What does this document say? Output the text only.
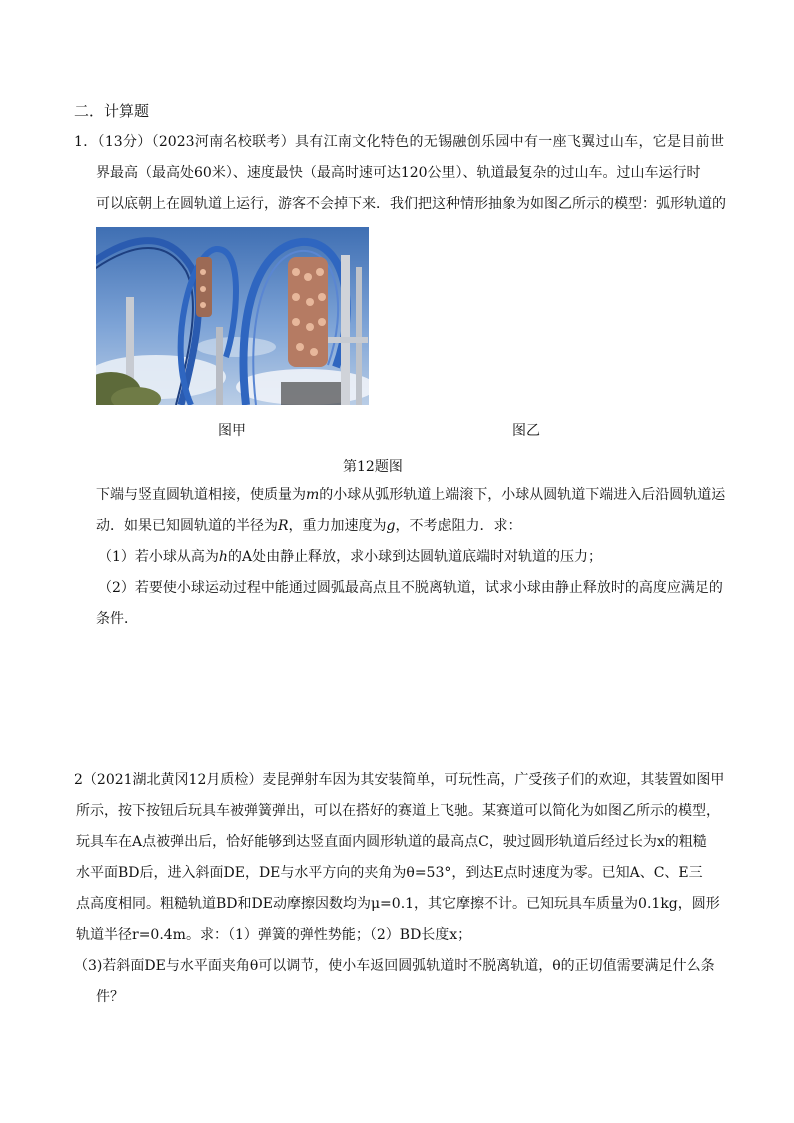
二．计算题
1．（13分）（2023河南名校联考）具有江南文化特色的无锡融创乐园中有一座飞翼过山车，它是目前世
界最高（最高处60米）、速度最快（最高时速可达120公里）、轨道最复杂的过山车。过山车运行时
可以底朝上在圆轨道上运行，游客不会掉下来．我们把这种情形抽象为如图乙所示的模型：弧形轨道的
图甲	图乙
第12题图
下端与竖直圆轨道相接，使质量为m的小球从弧形轨道上端滚下，小球从圆轨道下端进入后沿圆轨道运
动．如果已知圆轨道的半径为R，重力加速度为g，不考虑阻力．求：
（1）若小球从高为h的A处由静止释放，求小球到达圆轨道底端时对轨道的压力；
（2）若要使小球运动过程中能通过圆弧最高点且不脱离轨道，试求小球由静止释放时的高度应满足的
条件．
2（2021湖北黄冈12月质检）麦昆弹射车因为其安装简单，可玩性高，广受孩子们的欢迎，其装置如图甲
所示，按下按钮后玩具车被弹簧弹出，可以在搭好的赛道上飞驰。某赛道可以简化为如图乙所示的模型，
玩具车在A点被弹出后，恰好能够到达竖直面内圆形轨道的最高点C，驶过圆形轨道后经过长为x的粗糙
水平面BD后，进入斜面DE，DE与水平方向的夹角为θ=53°，到达E点时速度为零。已知A、C、E三
点高度相同。粗糙轨道BD和DE动摩擦因数均为μ=0.1，其它摩擦不计。已知玩具车质量为0.1kg，圆形
轨道半径r=0.4m。求：（1）弹簧的弹性势能；（2）BD长度x；
（3)若斜面DE与水平面夹角θ可以调节，使小车返回圆弧轨道时不脱离轨道，θ的正切值需要满足什么条
件？
